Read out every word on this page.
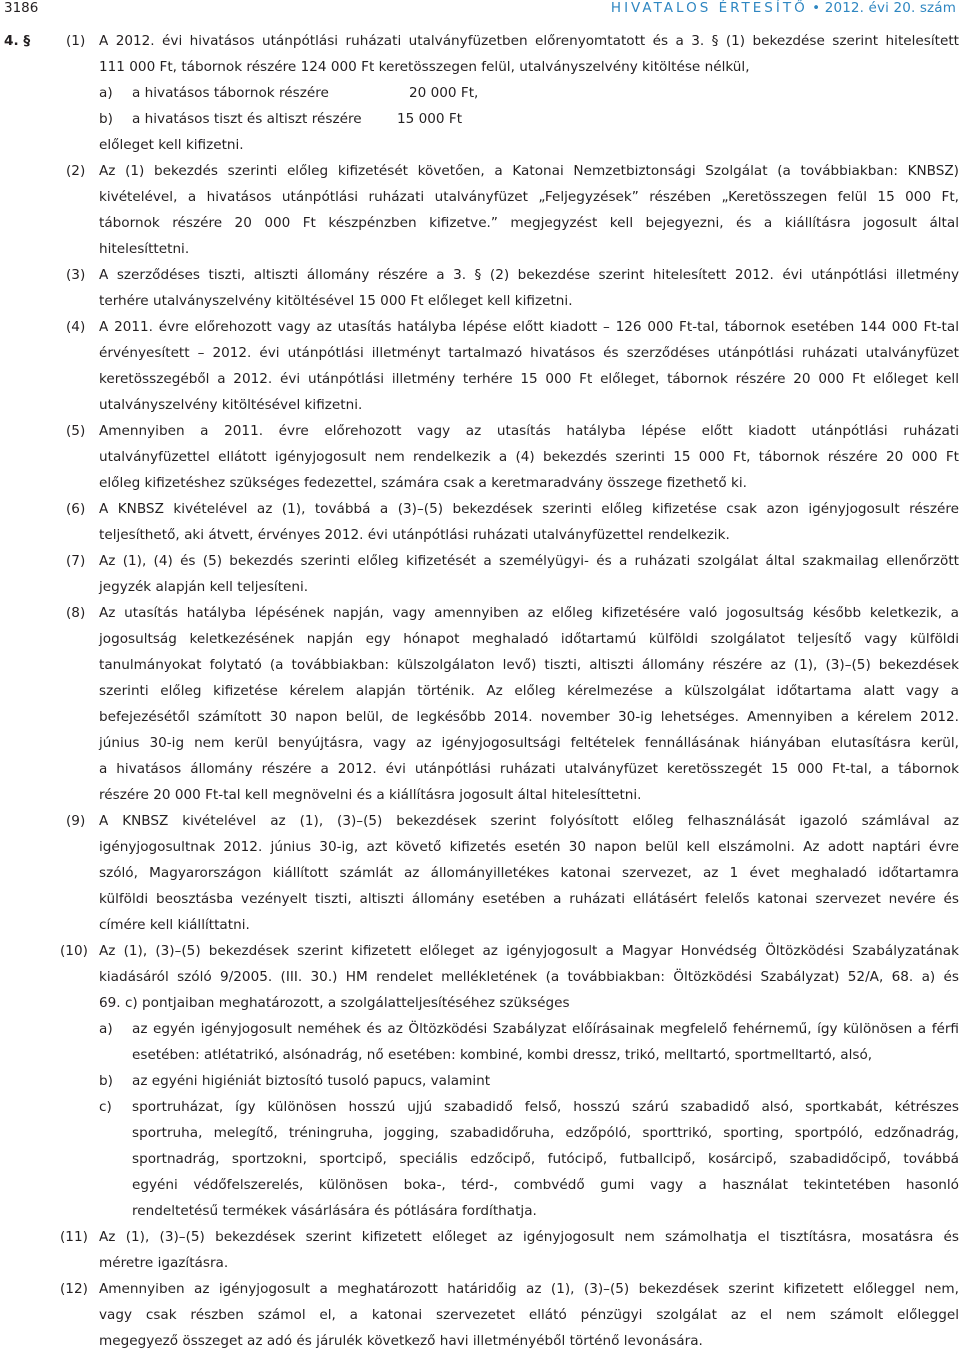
3186	HIVATALOS ÉRTESÍTŐ • 2012. évi 20. szám
4. §	(1) A 2012. évi hivatásos utánpótlási ruházati utalványfüzetben előrenyomtatott és a 3. § (1) bekezdése szerint hitelesített
111 000 Ft, tábornok részére 124 000 Ft keretösszegen felül, utalványszelvény kitöltése nélkül,
a) a hivatásos tábornok részére	20 000 Ft,
b) a hivatásos tiszt és altiszt részére	15 000 Ft
előleget kell kifizetni.
(2) Az (1) bekezdés szerinti előleg kifizetését követően, a Katonai Nemzetbiztonsági Szolgálat (a továbbiakban: KNBSZ)
kivételével, a hivatásos utánpótlási ruházati utalványfüzet „Feljegyzések” részében „Keretösszegen felül 15 000 Ft,
tábornok részére 20 000 Ft készpénzben kifizetve.” megjegyzést kell bejegyezni, és a kiállításra jogosult által
hitelesíttetni.
(3) A szerződéses tiszti, altiszti állomány részére a 3. § (2) bekezdése szerint hitelesített 2012. évi utánpótlási illetmény
terhére utalványszelvény kitöltésével 15 000 Ft előleget kell kifizetni.
(4) A 2011. évre előrehozott vagy az utasítás hatályba lépése előtt kiadott – 126 000 Ft-tal, tábornok esetében 144 000 Ft-tal
érvényesített – 2012. évi utánpótlási illetményt tartalmazó hivatásos és szerződéses utánpótlási ruházati utalványfüzet
keretösszegéből a 2012. évi utánpótlási illetmény terhére 15 000 Ft előleget, tábornok részére 20 000 Ft előleget kell
utalványszelvény kitöltésével kifizetni.
(5) Amennyiben a 2011. évre előrehozott vagy az utasítás hatályba lépése előtt kiadott utánpótlási ruházati
utalványfüzettel ellátott igényjogosult nem rendelkezik a (4) bekezdés szerinti 15 000 Ft, tábornok részére 20 000 Ft
előleg kifizetéshez szükséges fedezettel, számára csak a keretmaradvány összege fizethető ki.
(6) A KNBSZ kivételével az (1), továbbá a (3)–(5) bekezdések szerinti előleg kifizetése csak azon igényjogosult részére
teljesíthető, aki átvett, érvényes 2012. évi utánpótlási ruházati utalványfüzettel rendelkezik.
(7) Az (1), (4) és (5) bekezdés szerinti előleg kifizetését a személyügyi- és a ruházati szolgálat által szakmailag ellenőrzött
jegyzék alapján kell teljesíteni.
(8) Az utasítás hatályba lépésének napján, vagy amennyiben az előleg kifizetésére való jogosultság később keletkezik, a
jogosultság keletkezésének napján egy hónapot meghaladó időtartamú külföldi szolgálatot teljesítő vagy külföldi
tanulmányokat folytató (a továbbiakban: külszolgálaton levő) tiszti, altiszti állomány részére az (1), (3)–(5) bekezdések
szerinti előleg kifizetése kérelem alapján történik. Az előleg kérelmezése a külszolgálat időtartama alatt vagy a
befejezésétől számított 30 napon belül, de legkésőbb 2014. november 30-ig lehetséges. Amennyiben a kérelem 2012.
június 30-ig nem kerül benyújtásra, vagy az igényjogosultsági feltételek fennállásának hiányában elutasításra kerül,
a hivatásos állomány részére a 2012. évi utánpótlási ruházati utalványfüzet keretösszegét 15 000 Ft-tal, a tábornok
részére 20 000 Ft-tal kell megnövelni és a kiállításra jogosult által hitelesíttetni.
(9) A KNBSZ kivételével az (1), (3)–(5) bekezdések szerint folyósított előleg felhasználását igazoló számlával az
igényjogosultnak 2012. június 30-ig, azt követő kifizetés esetén 30 napon belül kell elszámolni. Az adott naptári évre
szóló, Magyarországon kiállított számlát az állományilletékes katonai szervezet, az 1 évet meghaladó időtartamra
külföldi beosztásba vezényelt tiszti, altiszti állomány esetében a ruházati ellátásért felelős katonai szervezet nevére és
címére kell kiállíttatni.
(10) Az (1), (3)–(5) bekezdések szerint kifizetett előleget az igényjogosult a Magyar Honvédség Öltözködési Szabályzatának
kiadásáról szóló 9/2005. (III. 30.) HM rendelet mellékletének (a továbbiakban: Öltözködési Szabályzat) 52/A, 68. a) és
69. c) pontjaiban meghatározott, a szolgálatteljesítéséhez szükséges
a) az egyén igényjogosult neméhek és az Öltözködési Szabályzat előírásainak megfelelő fehérnemű, így különösen a férfi
esetében: atlétatrikó, alsónadrág, nő esetében: kombiné, kombi dressz, trikó, melltartó, sportmelltartó, alsó,
b) az egyéni higiéniát biztosító tusoló papucs, valamint
c) sportruházat, így különösen hosszú ujjú szabadidő felső, hosszú szárú szabadidő alsó, sportkabát, kétrészes
sportruha, melegítő, tréningruha, jogging, szabadidőruha, edzőpóló, sporttrikó, sporting, sportpóló, edzőnadrág,
sportnadrág, sportzokni, sportcipő, speciális edzőcipő, futócipő, futballcipő, kosárcipő, szabadidőcipő, továbbá
egyéni védőfelszerelés, különösen boka-, térd-, combvédő gumi vagy a használat tekintetében hasonló
rendeltetésű termékek vásárlására és pótlására fordíthatja.
(11) Az (1), (3)–(5) bekezdések szerint kifizetett előleget az igényjogosult nem számolhatja el tisztításra, mosatásra és
méretre igazításra.
(12) Amennyiben az igényjogosult a meghatározott határidőig az (1), (3)–(5) bekezdések szerint kifizetett előleggel nem,
vagy csak részben számol el, a katonai szervezetet ellátó pénzügyi szolgálat az el nem számolt előleggel
megegyező összeget az adó és járulék következő havi illetményéből történő levonására.
